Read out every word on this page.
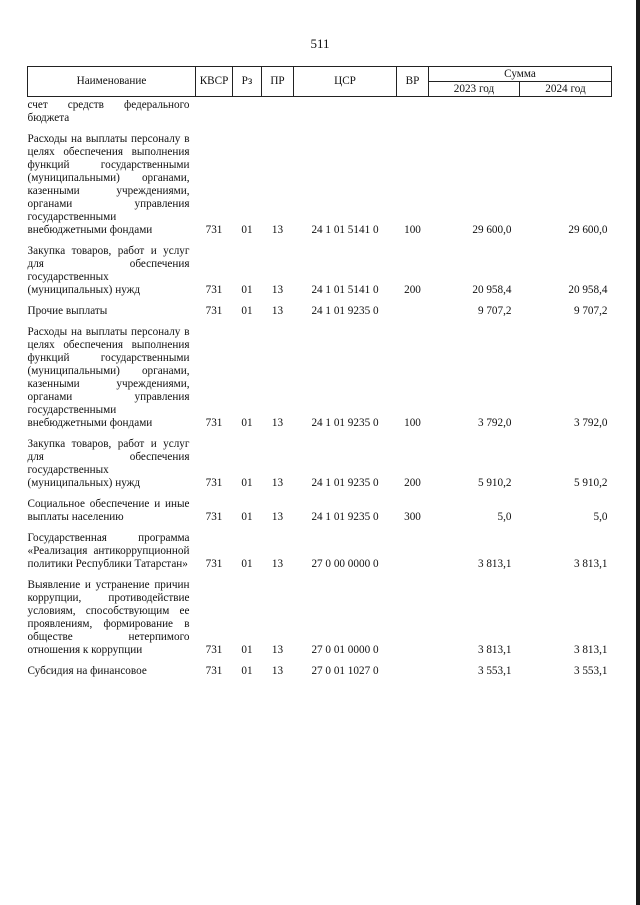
511
Наименование	КВСР	Рз	ПР	ЦСР	ВР	Сумма	
						2023 год	2024 год
счет средств федерального бюджета							
Расходы на выплаты персоналу в целях обеспечения выполнения функций государственными (муниципальными) органами, казенными учреждениями, органами управления государственными внебюджетными фондами	731	01	13	24 1 01 5141 0	100	29 600,0	29 600,0
Закупка товаров, работ и услуг для обеспечения государственных (муниципальных) нужд	731	01	13	24 1 01 5141 0	200	20 958,4	20 958,4
Прочие выплаты	731	01	13	24 1 01 9235 0		9 707,2	9 707,2
Расходы на выплаты персоналу в целях обеспечения выполнения функций государственными (муниципальными) органами, казенными учреждениями, органами управления государственными внебюджетными фондами	731	01	13	24 1 01 9235 0	100	3 792,0	3 792,0
Закупка товаров, работ и услуг для обеспечения государственных (муниципальных) нужд	731	01	13	24 1 01 9235 0	200	5 910,2	5 910,2
Социальное обеспечение и иные выплаты населению	731	01	13	24 1 01 9235 0	300	5,0	5,0
Государственная программа «Реализация антикоррупционной политики Республики Татарстан»	731	01	13	27 0 00 0000 0		3 813,1	3 813,1
Выявление и устранение причин коррупции, противодействие условиям, способствующим ее проявлениям, формирование в обществе нетерпимого отношения к коррупции	731	01	13	27 0 01 0000 0		3 813,1	3 813,1
Субсидия на финансовое	731	01	13	27 0 01 1027 0		3 553,1	3 553,1
